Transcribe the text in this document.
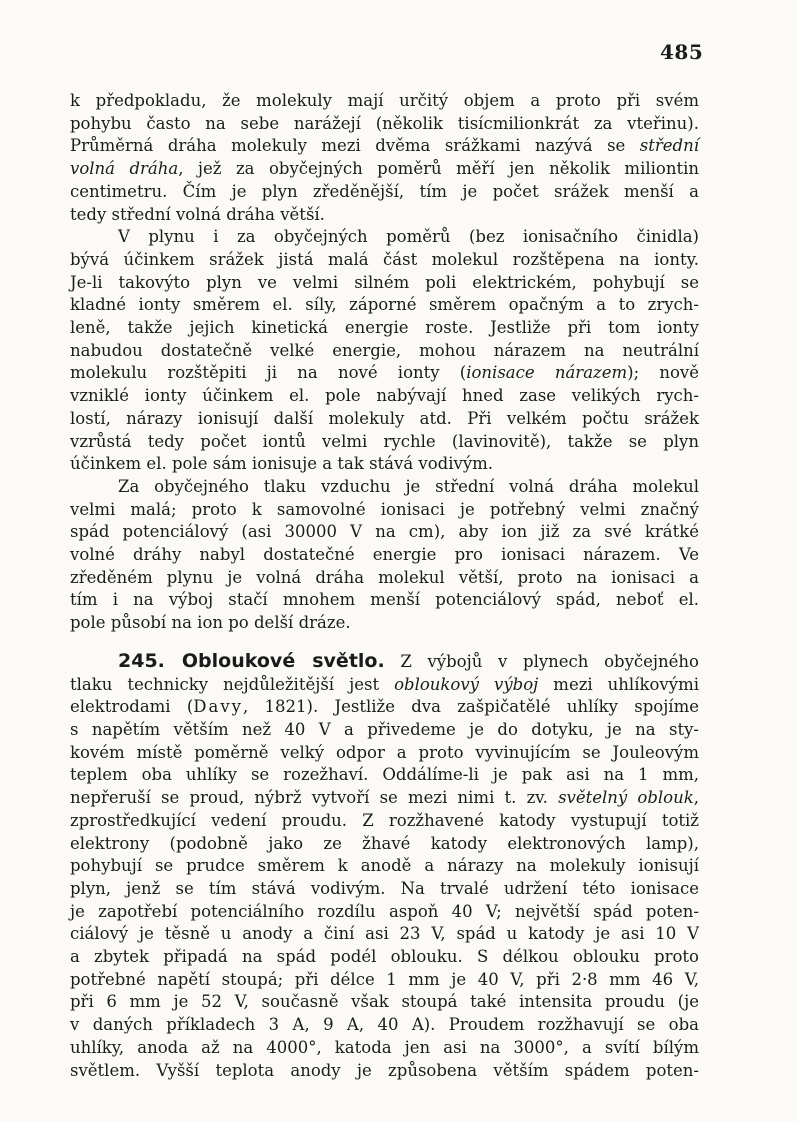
485
k předpokladu, že molekuly mají určitý objem a proto při svém
pohybu často na sebe narážejí (několik tisícmilionkrát za vteřinu).
Průměrná dráha molekuly mezi dvěma srážkami nazývá se střední
volná dráha, jež za obyčejných poměrů měří jen několik miliontin
centimetru. Čím je plyn zředěnější, tím je počet srážek menší a
tedy střední volná dráha větší.
V plynu i za obyčejných poměrů (bez ionisačního činidla)
bývá účinkem srážek jistá malá část molekul rozštěpena na ionty.
Je-li takovýto plyn ve velmi silném poli elektrickém, pohybují se
kladné ionty směrem el. síly, záporné směrem opačným a to zrych-
leně, takže jejich kinetická energie roste. Jestliže při tom ionty
nabudou dostatečně velké energie, mohou nárazem na neutrální
molekulu rozštěpiti ji na nové ionty (ionisace nárazem); nově
vzniklé ionty účinkem el. pole nabývají hned zase velikých rych-
lostí, nárazy ionisují další molekuly atd. Při velkém počtu srážek
vzrůstá tedy počet iontů velmi rychle (lavinovitě), takže se plyn
účinkem el. pole sám ionisuje a tak stává vodivým.
Za obyčejného tlaku vzduchu je střední volná dráha molekul
velmi malá; proto k samovolné ionisaci je potřebný velmi značný
spád potenciálový (asi 30000 V na cm), aby ion již za své krátké
volné dráhy nabyl dostatečné energie pro ionisaci nárazem. Ve
zředěném plynu je volná dráha molekul větší, proto na ionisaci a
tím i na výboj stačí mnohem menší potenciálový spád, neboť el.
pole působí na ion po delší dráze.
245. Obloukové světlo. Z výbojů v plynech obyčejného
tlaku technicky nejdůležitější jest obloukový výboj mezi uhlíkovými
elektrodami (Davy, 1821). Jestliže dva zašpičatělé uhlíky spojíme
s napětím větším než 40 V a přivedeme je do dotyku, je na sty-
kovém místě poměrně velký odpor a proto vyvinujícím se Jouleovým
teplem oba uhlíky se rozežhaví. Oddálíme-li je pak asi na 1 mm,
nepřeruší se proud, nýbrž vytvoří se mezi nimi t. zv. světelný oblouk,
zprostředkující vedení proudu. Z rozžhavené katody vystupují totiž
elektrony (podobně jako ze žhavé katody elektronových lamp),
pohybují se prudce směrem k anodě a nárazy na molekuly ionisují
plyn, jenž se tím stává vodivým. Na trvalé udržení této ionisace
je zapotřebí potenciálního rozdílu aspoň 40 V; největší spád poten-
ciálový je těsně u anody a činí asi 23 V, spád u katody je asi 10 V
a zbytek připadá na spád podél oblouku. S délkou oblouku proto
potřebné napětí stoupá; při délce 1 mm je 40 V, při 2·8 mm 46 V,
při 6 mm je 52 V, současně však stoupá také intensita proudu (je
v daných příkladech 3 A, 9 A, 40 A). Proudem rozžhavují se oba
uhlíky, anoda až na 4000°, katoda jen asi na 3000°, a svítí bílým
světlem. Vyšší teplota anody je způsobena větším spádem poten-
